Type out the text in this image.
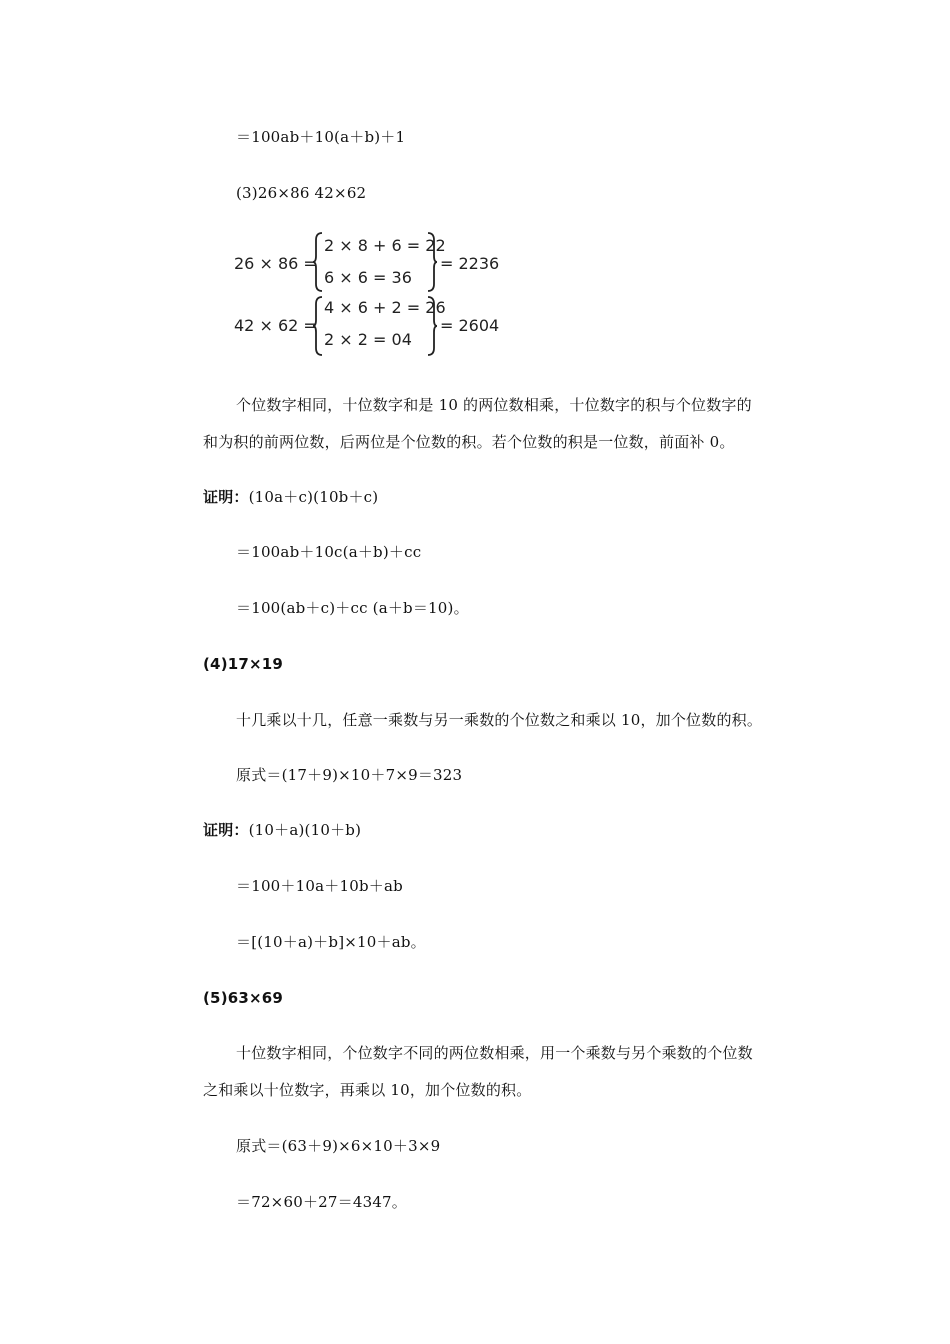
＝100ab＋10(a＋b)＋1
(3)26×86 42×62
26 × 86 =
2 × 8 + 6 = 22
6 × 6 = 36
= 2236
42 × 62 =
4 × 6 + 2 = 26
2 × 2 = 04
= 2604
个位数字相同，十位数字和是 10 的两位数相乘，十位数字的积与个位数字的
和为积的前两位数，后两位是个位数的积。若个位数的积是一位数，前面补 0。
证明：(10a＋c)(10b＋c)
＝100ab＋10c(a＋b)＋cc
＝100(ab＋c)＋cc (a＋b＝10)。
(4)17×19
十几乘以十几，任意一乘数与另一乘数的个位数之和乘以 10，加个位数的积。
原式＝(17＋9)×10＋7×9＝323
证明：(10＋a)(10＋b)
＝100＋10a＋10b＋ab
＝[(10＋a)＋b]×10＋ab。
(5)63×69
十位数字相同，个位数字不同的两位数相乘，用一个乘数与另个乘数的个位数
之和乘以十位数字，再乘以 10，加个位数的积。
原式＝(63＋9)×6×10＋3×9
＝72×60＋27＝4347。
